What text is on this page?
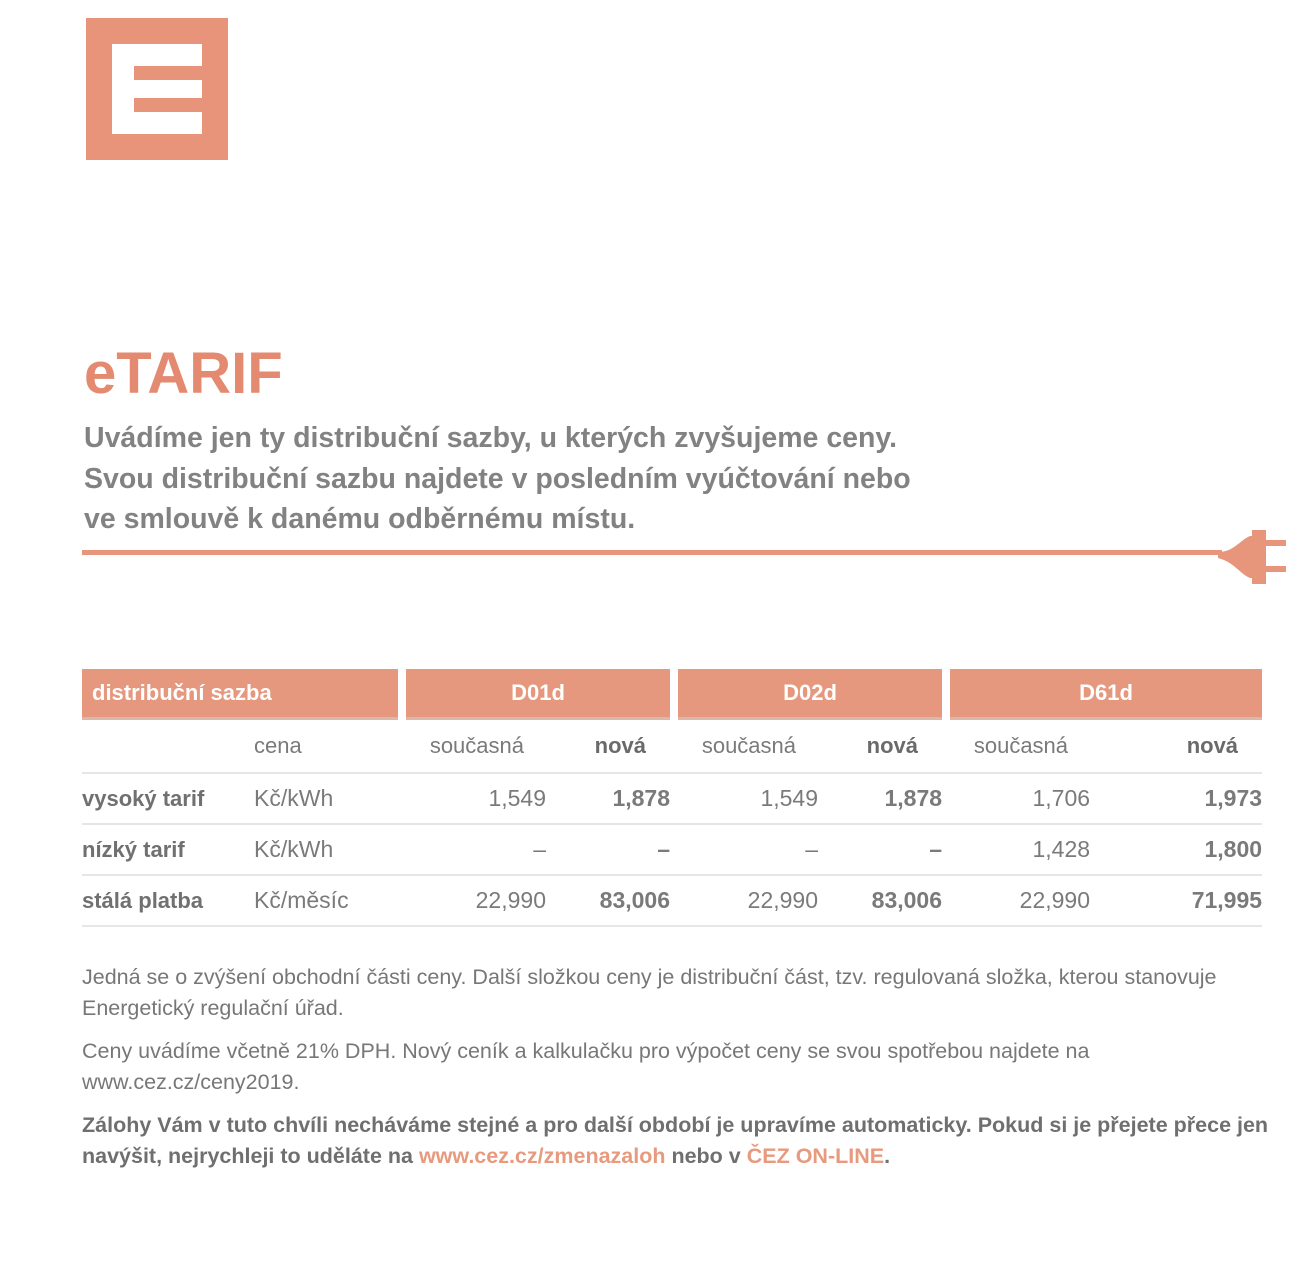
eTARIF

Uvádíme jen ty distribuční sazby, u kterých zvyšujeme ceny.
Svou distribuční sazbu najdete v posledním vyúčtování nebo
ve smlouvě k danému odběrnému místu.

distribuční sazba			D01d			D02d			D61d	
	cena		současná	nová		současná	nová		současná	nová
vysoký tarif	Kč/kWh		1,549	1,878		1,549	1,878		1,706	1,973
nízký tarif	Kč/kWh		–	–		–	–		1,428	1,800
stálá platba	Kč/měsíc		22,990	83,006		22,990	83,006		22,990	71,995

Jedná se o zvýšení obchodní části ceny. Další složkou ceny je distribuční část, tzv. regulovaná složka, kterou stanovuje Energetický regulační úřad.

Ceny uvádíme včetně 21% DPH. Nový ceník a kalkulačku pro výpočet ceny se svou spotřebou najdete na www.cez.cz/ceny2019.

Zálohy Vám v tuto chvíli necháváme stejné a pro další období je upravíme automaticky. Pokud si je přejete přece jen navýšit, nejrychleji to uděláte na www.cez.cz/zmenazaloh nebo v ČEZ ON-LINE.
